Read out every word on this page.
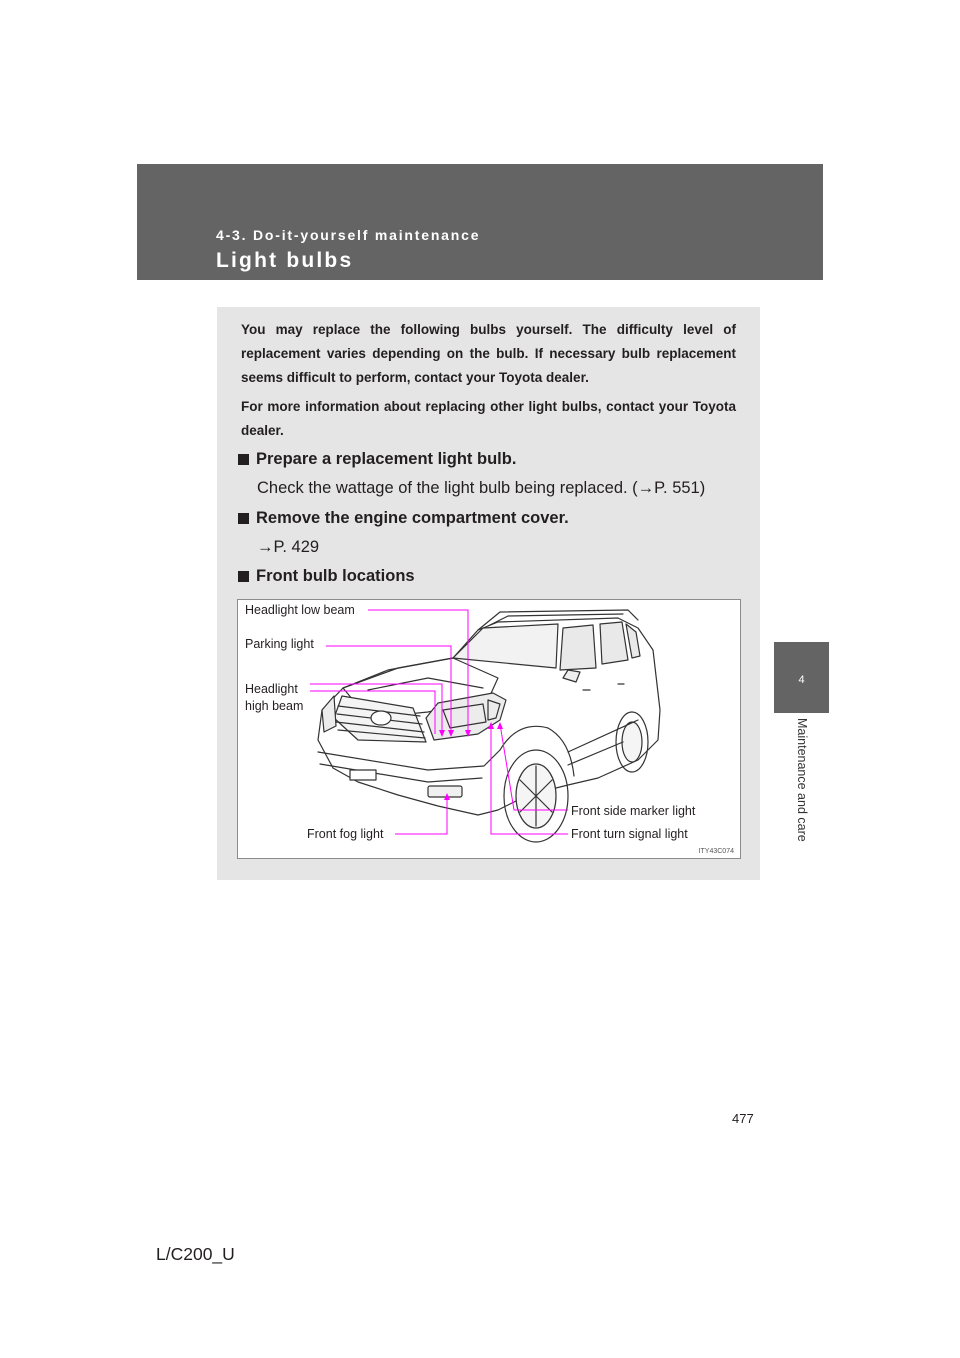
4-3. Do-it-yourself maintenance
Light bulbs
4
Maintenance and care

You may replace the following bulbs yourself. The difficulty level of replacement varies depending on the bulb. If necessary bulb replacement seems difficult to perform, contact your Toyota dealer.

For more information about replacing other light bulbs, contact your Toyota dealer.

Prepare a replacement light bulb.
Check the wattage of the light bulb being replaced. (→P. 551)
Remove the engine compartment cover.
→P. 429
Front bulb locations
Headlight low beam
Parking light
Headlight
high beam
Front side marker light
Front turn signal light
Front fog light
ITY43C074
477
L/C200_U
